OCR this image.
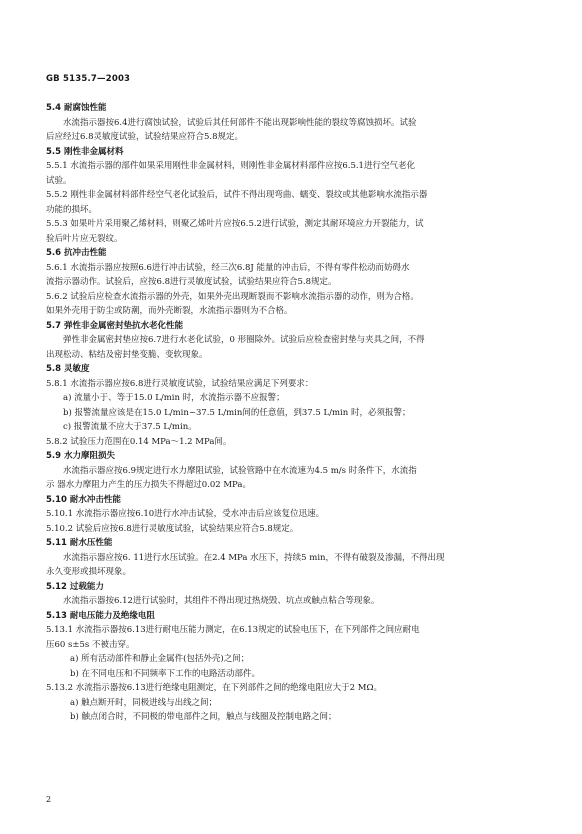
GB 5135.7—2003
5.4 耐腐蚀性能
水流指示器按6.4进行腐蚀试验，试验后其任何部件不能出现影响性能的裂纹等腐蚀损坏。试验
后应经过6.8灵敏度试验，试验结果应符合5.8规定。
5.5 刚性非金属材料
5.5.1 水流指示器的部件如果采用刚性非金属材料，则刚性非金属材料部件应按6.5.1进行空气老化
试验。
5.5.2 刚性非金属材料部件经空气老化试验后，试件不得出现弯曲、蠕变、裂纹或其他影响水流指示器
功能的损坏。
5.5.3 如果叶片采用聚乙烯材料，则聚乙烯叶片应按6.5.2进行试验，测定其耐环境应力开裂能力，试
验后叶片应无裂纹。
5.6 抗冲击性能
5.6.1 水流指示器应按照6.6进行冲击试验，经三次6.8J 能量的冲击后，不得有零件松动而妨碍水
流指示器动作。试验后，应按6.8进行灵敏度试验，试验结果应符合5.8规定。
5.6.2 试验后应检查水流指示器的外壳，如果外壳出现断裂而不影响水流指示器的动作，则为合格。
如果外壳用于防尘或防潮，而外壳断裂，水流指示器则为不合格。
5.7 弹性非金属密封垫抗水老化性能
弹性非金属密封垫应按6.7进行水老化试验，0 形圈除外。试验后应检查密封垫与夹具之间，不得
出现松动、粘结及密封垫变脆、变软现象。
5.8 灵敏度
5.8.1 水流指示器应按6.8进行灵敏度试验，试验结果应满足下列要求：
a) 流量小于、等于15.0 L/min 时，水流指示器不应报警；
b) 报警流量应该是在15.0 L/min~37.5 L/min间的任意值，到37.5 L/min 时，必须报警；
c) 报警流量不应大于37.5 L/min。
5.8.2 试验压力范围在0.14 MPa～1.2 MPa间。
5.9 水力摩阻损失
水流指示器应按6.9规定进行水力摩阻试验，试验管路中在水流速为4.5 m/s 时条件下，水流指
示 器水力摩阻力产生的压力损失不得超过0.02 MPa。
5.10 耐水冲击性能
5.10.1 水流指示器应按6.10进行水冲击试验，受水冲击后应该复位迅速。
5.10.2 试验后应按6.8进行灵敏度试验，试验结果应符合5.8规定。
5.11 耐水压性能
水流指示器应按6. 11进行水压试验。在2.4 MPa 水压下，持续5 min，不得有破裂及渗漏，不得出现
永久变形或损坏现象。
5.12 过载能力
水流指示器按6.12进行试验时，其组件不得出现过热烧毁、坑点或触点粘合等现象。
5.13 耐电压能力及绝缘电阻
5.13.1 水流指示器按6.13进行耐电压能力测定，在6.13规定的试验电压下，在下列部件之间应耐电
压60 s±5s 不被击穿。
a) 所有活动部件和静止金属件(包括外壳)之间；
b) 在不同电压和不同频率下工作的电路活动部件。
5.13.2 水流指示器按6.13进行绝缘电阻测定，在下列部件之间的绝缘电阻应大于2 MΩ。
a) 触点断开时，同极进线与出线之间；
b) 触点闭合时，不同极的带电部件之间，触点与线圈及控制电路之间；
2
